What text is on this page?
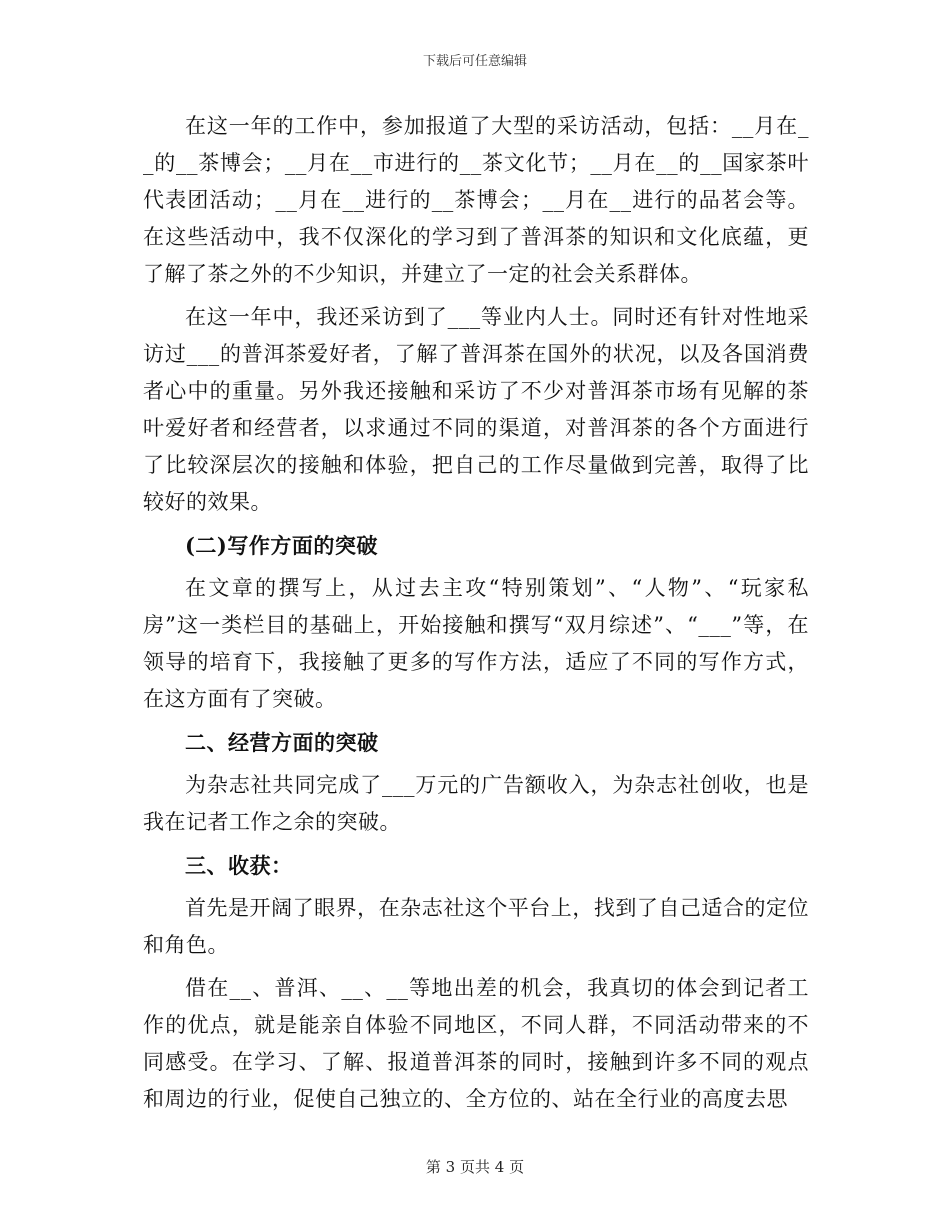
下载后可任意编辑

在这一年的工作中，参加报道了大型的采访活动，包括：__月在__的__茶博会；__月在__市进行的__茶文化节；__月在__的__国家茶叶代表团活动；__月在__进行的__茶博会；__月在__进行的品茗会等。在这些活动中，我不仅深化的学习到了普洱茶的知识和文化底蕴，更了解了茶之外的不少知识，并建立了一定的社会关系群体。

在这一年中，我还采访到了___等业内人士。同时还有针对性地采访过___的普洱茶爱好者，了解了普洱茶在国外的状况，以及各国消费者心中的重量。另外我还接触和采访了不少对普洱茶市场有见解的茶叶爱好者和经营者，以求通过不同的渠道，对普洱茶的各个方面进行了比较深层次的接触和体验，把自己的工作尽量做到完善，取得了比较好的效果。

(二)写作方面的突破

在文章的撰写上，从过去主攻“特别策划”、“人物”、“玩家私房”这一类栏目的基础上，开始接触和撰写“双月综述”、“___”等，在领导的培育下，我接触了更多的写作方法，适应了不同的写作方式，在这方面有了突破。

二、经营方面的突破

为杂志社共同完成了___万元的广告额收入，为杂志社创收，也是我在记者工作之余的突破。

三、收获：

首先是开阔了眼界，在杂志社这个平台上，找到了自己适合的定位和角色。

借在__、普洱、__、__等地出差的机会，我真切的体会到记者工作的优点，就是能亲自体验不同地区，不同人群，不同活动带来的不同感受。在学习、了解、报道普洱茶的同时，接触到许多不同的观点和周边的行业，促使自己独立的、全方位的、站在全行业的高度去思

第 3 页共 4 页
